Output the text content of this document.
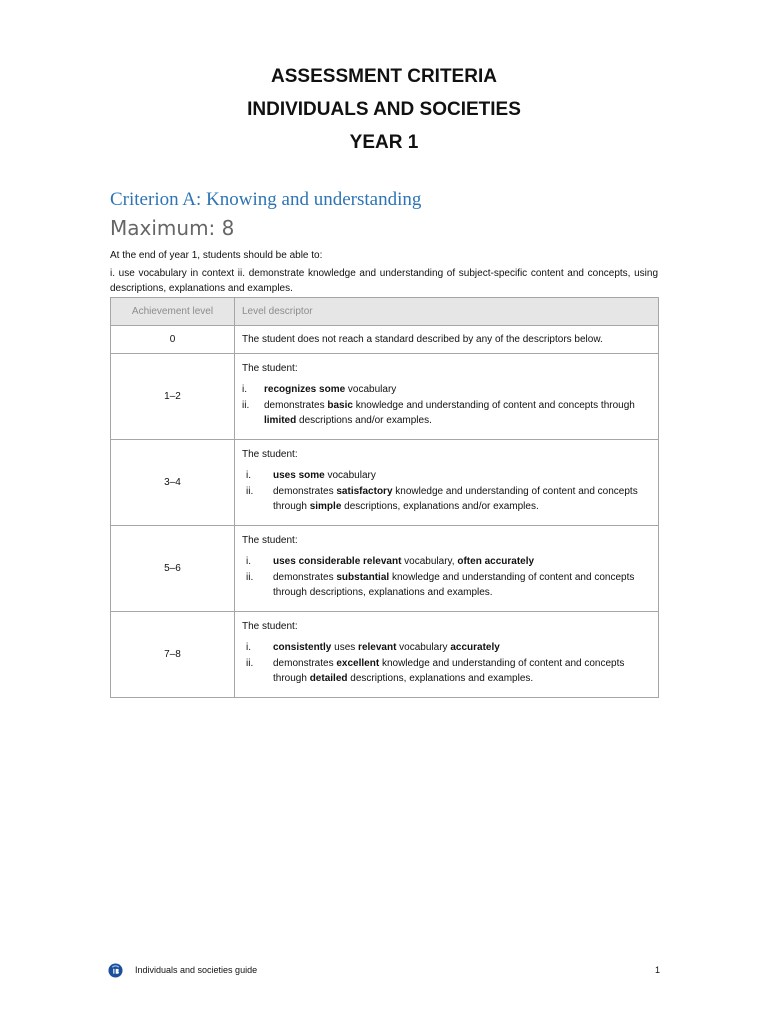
ASSESSMENT CRITERIA
INDIVIDUALS AND SOCIETIES
YEAR 1
Criterion A: Knowing and understanding
Maximum: 8
At the end of year 1, students should be able to:
i. use vocabulary in context ii. demonstrate knowledge and understanding of subject-specific content and concepts, using descriptions, explanations and examples.
Achievement level	Level descriptor
0	The student does not reach a standard described by any of the descriptors below.
1–2	The student:
i. recognizes some vocabulary
ii. demonstrates basic knowledge and understanding of content and concepts through limited descriptions and/or examples.

3–4	The student:
i. uses some vocabulary
ii. demonstrates satisfactory knowledge and understanding of content and concepts through simple descriptions, explanations and/or examples.

5–6	The student:
i. uses considerable relevant vocabulary, often accurately
ii. demonstrates substantial knowledge and understanding of content and concepts through descriptions, explanations and examples.

7–8	The student:
i. consistently uses relevant vocabulary accurately
ii. demonstrates excellent knowledge and understanding of content and concepts through detailed descriptions, explanations and examples.
Individuals and societies guide	1
